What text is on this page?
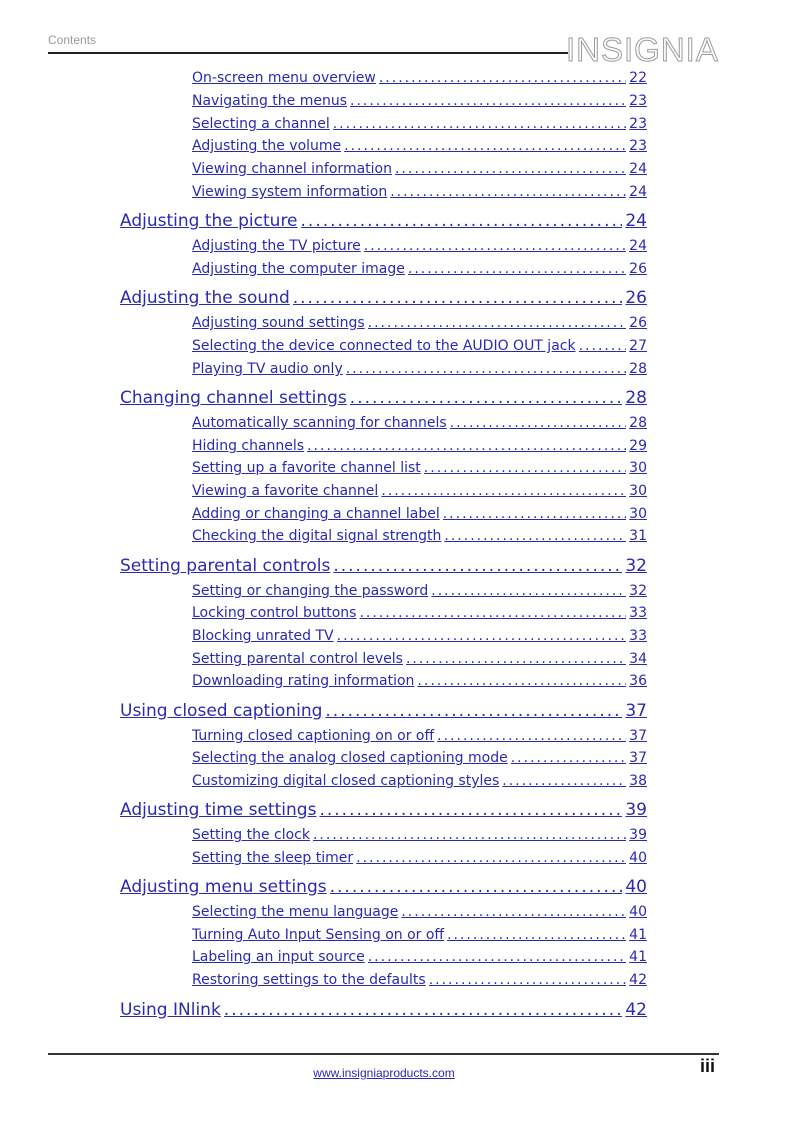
Contents	INSIGNIA
On-screen menu overview .....	22
Navigating the menus .....	23
Selecting a channel .....	23
Adjusting the volume .....	23
Viewing channel information .....	24
Viewing system information .....	24
Adjusting the picture .....	24
Adjusting the TV picture .....	24
Adjusting the computer image .....	26
Adjusting the sound .....	26
Adjusting sound settings .....	26
Selecting the device connected to the AUDIO OUT jack .....	27
Playing TV audio only .....	28
Changing channel settings .....	28
Automatically scanning for channels .....	28
Hiding channels .....	29
Setting up a favorite channel list .....	30
Viewing a favorite channel .....	30
Adding or changing a channel label .....	30
Checking the digital signal strength .....	31
Setting parental controls .....	32
Setting or changing the password .....	32
Locking control buttons .....	33
Blocking unrated TV .....	33
Setting parental control levels .....	34
Downloading rating information .....	36
Using closed captioning .....	37
Turning closed captioning on or off .....	37
Selecting the analog closed captioning mode .....	37
Customizing digital closed captioning styles .....	38
Adjusting time settings .....	39
Setting the clock .....	39
Setting the sleep timer .....	40
Adjusting menu settings .....	40
Selecting the menu language .....	40
Turning Auto Input Sensing on or off .....	41
Labeling an input source .....	41
Restoring settings to the defaults .....	42
Using INlink .....	42
www.insigniaproducts.com	iii
